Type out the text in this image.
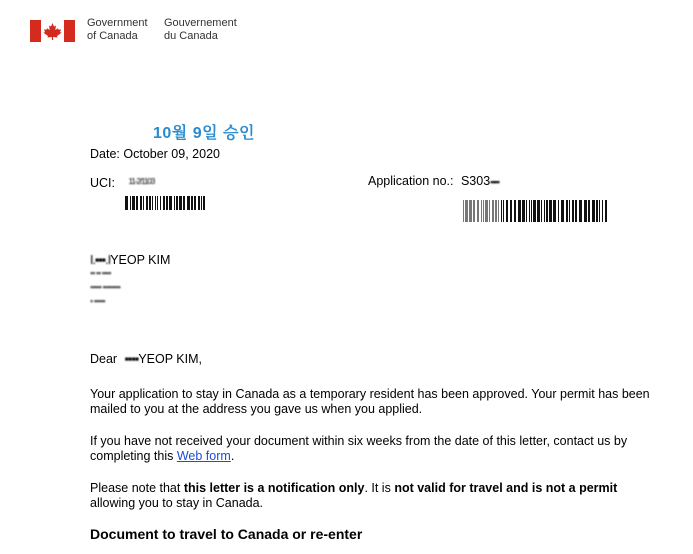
Government
of Canada
Gouvernement
du Canada
10월 9일 승인
Date: October 09, 2020
UCI: 11-2/1103	Application no.: S303▪▪▪▪
I.▪▪▪.IYEOP KIM
▪▪ ▪▪ ▪▪▪▪
▪▪▪▪▪ ▪▪▪▪▪▪▪▪
▪ ▪▪▪▪▪
Dear ▪▪▪▪YEOP KIM,
Your application to stay in Canada as a temporary resident has been approved. Your permit has been mailed to you at the address you gave us when you applied.
If you have not received your document within six weeks from the date of this letter, contact us by completing this Web form.
Please note that this letter is a notification only. It is not valid for travel and is not a permit allowing you to stay in Canada.
Document to travel to Canada or re-enter
